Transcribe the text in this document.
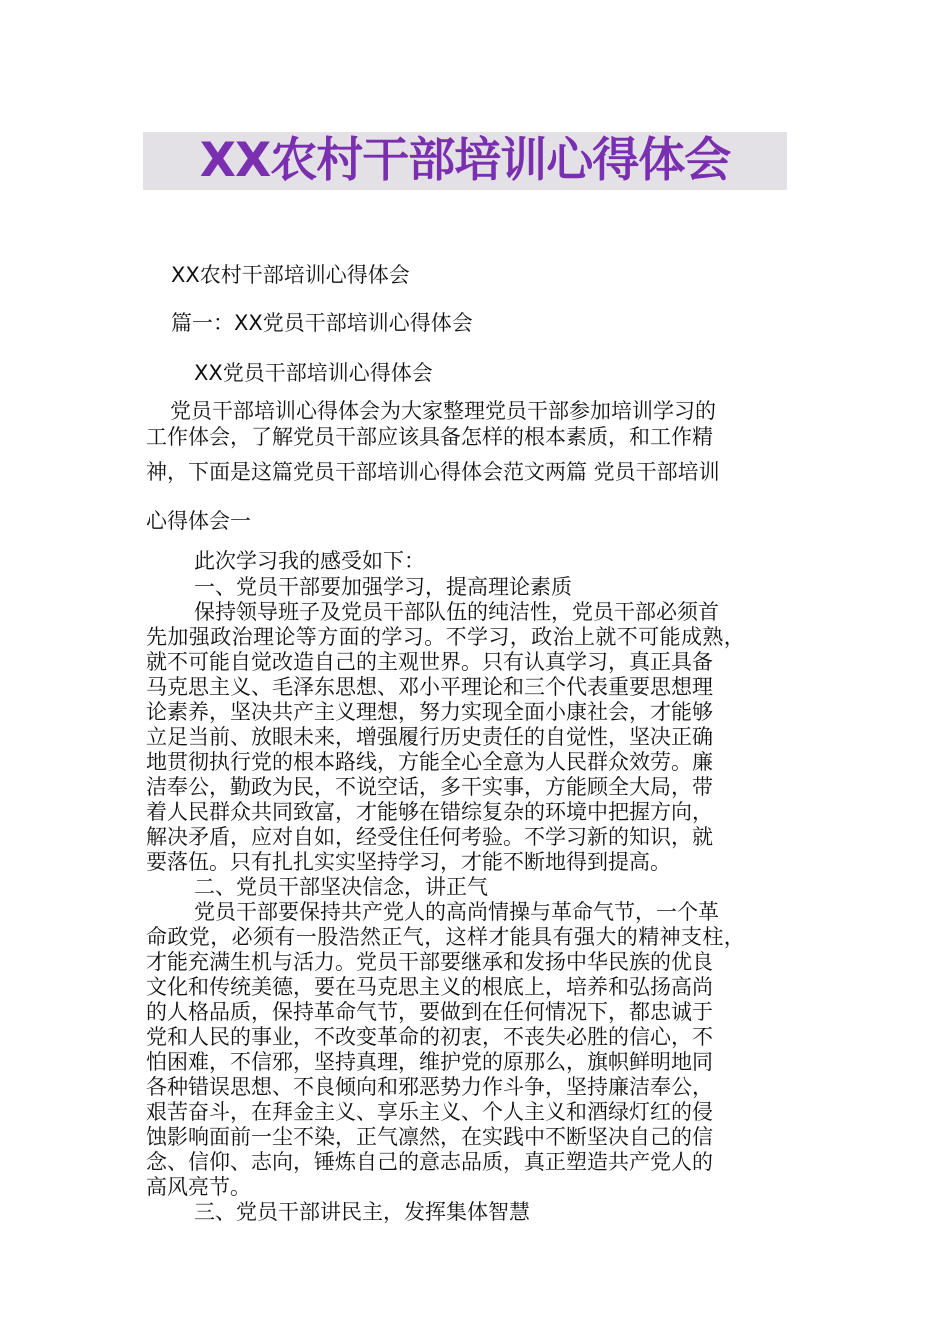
XX农村干部培训心得体会
XX农村干部培训心得体会
篇一：XX党员干部培训心得体会
XX党员干部培训心得体会
党员干部培训心得体会为大家整理党员干部参加培训学习的
工作体会，了解党员干部应该具备怎样的根本素质，和工作精
神，下面是这篇党员干部培训心得体会范文两篇 党员干部培训
心得体会一
此次学习我的感受如下：
一、党员干部要加强学习，提高理论素质
保持领导班子及党员干部队伍的纯洁性，党员干部必须首
先加强政治理论等方面的学习。不学习，政治上就不可能成熟，
就不可能自觉改造自己的主观世界。只有认真学习，真正具备
马克思主义、毛泽东思想、邓小平理论和三个代表重要思想理
论素养，坚决共产主义理想，努力实现全面小康社会，才能够
立足当前、放眼未来，增强履行历史责任的自觉性，坚决正确
地贯彻执行党的根本路线，方能全心全意为人民群众效劳。廉
洁奉公，勤政为民，不说空话，多干实事，方能顾全大局，带
着人民群众共同致富，才能够在错综复杂的环境中把握方向，
解决矛盾，应对自如，经受住任何考验。不学习新的知识，就
要落伍。只有扎扎实实坚持学习，才能不断地得到提高。
二、党员干部坚决信念，讲正气
党员干部要保持共产党人的高尚情操与革命气节，一个革
命政党，必须有一股浩然正气，这样才能具有强大的精神支柱，
才能充满生机与活力。党员干部要继承和发扬中华民族的优良
文化和传统美德，要在马克思主义的根底上，培养和弘扬高尚
的人格品质，保持革命气节，要做到在任何情况下，都忠诚于
党和人民的事业，不改变革命的初衷，不丧失必胜的信心，不
怕困难，不信邪，坚持真理，维护党的原那么，旗帜鲜明地同
各种错误思想、不良倾向和邪恶势力作斗争，坚持廉洁奉公，
艰苦奋斗，在拜金主义、享乐主义、个人主义和酒绿灯红的侵
蚀影响面前一尘不染，正气凛然，在实践中不断坚决自己的信
念、信仰、志向，锤炼自己的意志品质，真正塑造共产党人的
高风亮节。
三、党员干部讲民主，发挥集体智慧
